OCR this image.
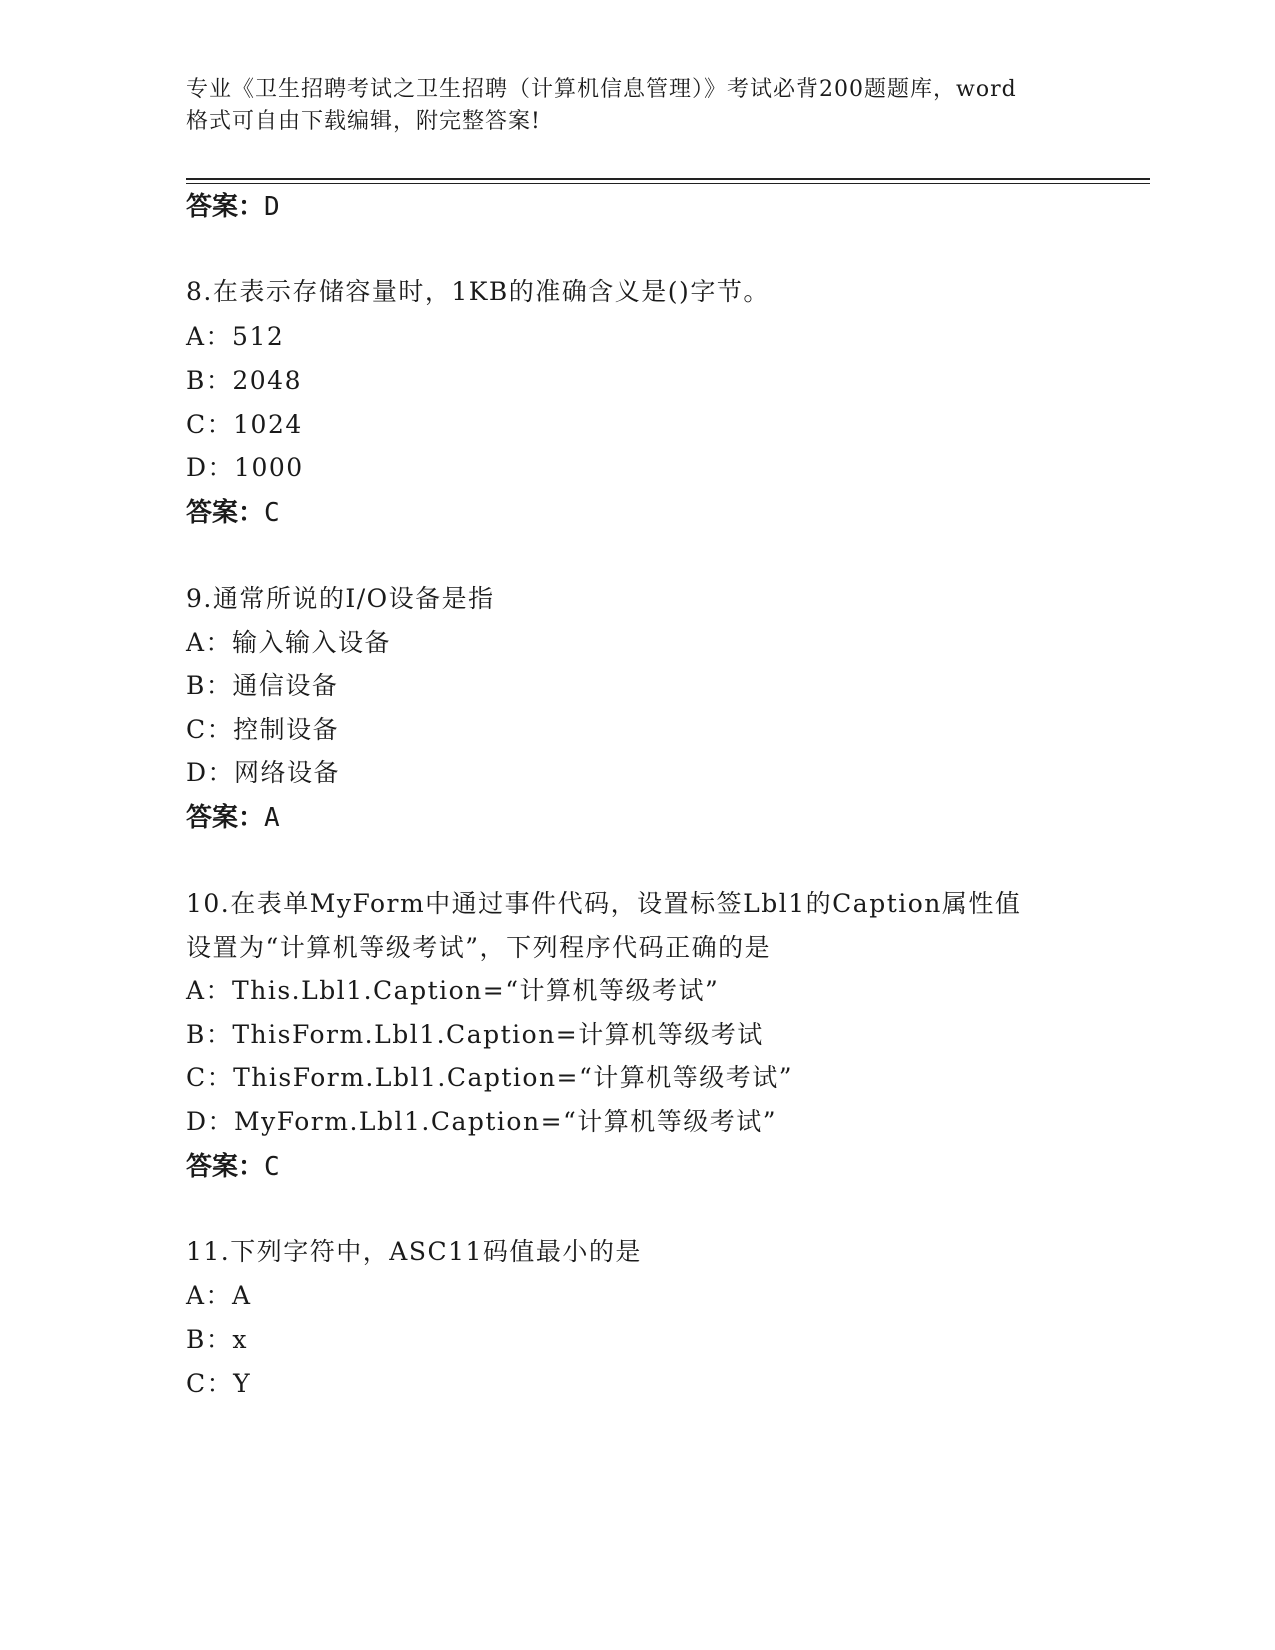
专业《卫生招聘考试之卫生招聘（计算机信息管理）》考试必背200题题库，word
格式可自由下载编辑，附完整答案!
答案：D
8.在表示存储容量时，1KB的准确含义是()字节。
A：512
B：2048
C：1024
D：1000
答案：C
9.通常所说的I/O设备是指
A：输入输入设备
B：通信设备
C：控制设备
D：网络设备
答案：A
10.在表单MyForm中通过事件代码，设置标签Lbl1的Caption属性值
设置为“计算机等级考试”，下列程序代码正确的是
A：This.Lbl1.Caption=“计算机等级考试”
B：ThisForm.Lbl1.Caption=计算机等级考试
C：ThisForm.Lbl1.Caption=“计算机等级考试”
D：MyForm.Lbl1.Caption=“计算机等级考试”
答案：C
11.下列字符中，ASC11码值最小的是
A：A
B：x
C：Y
